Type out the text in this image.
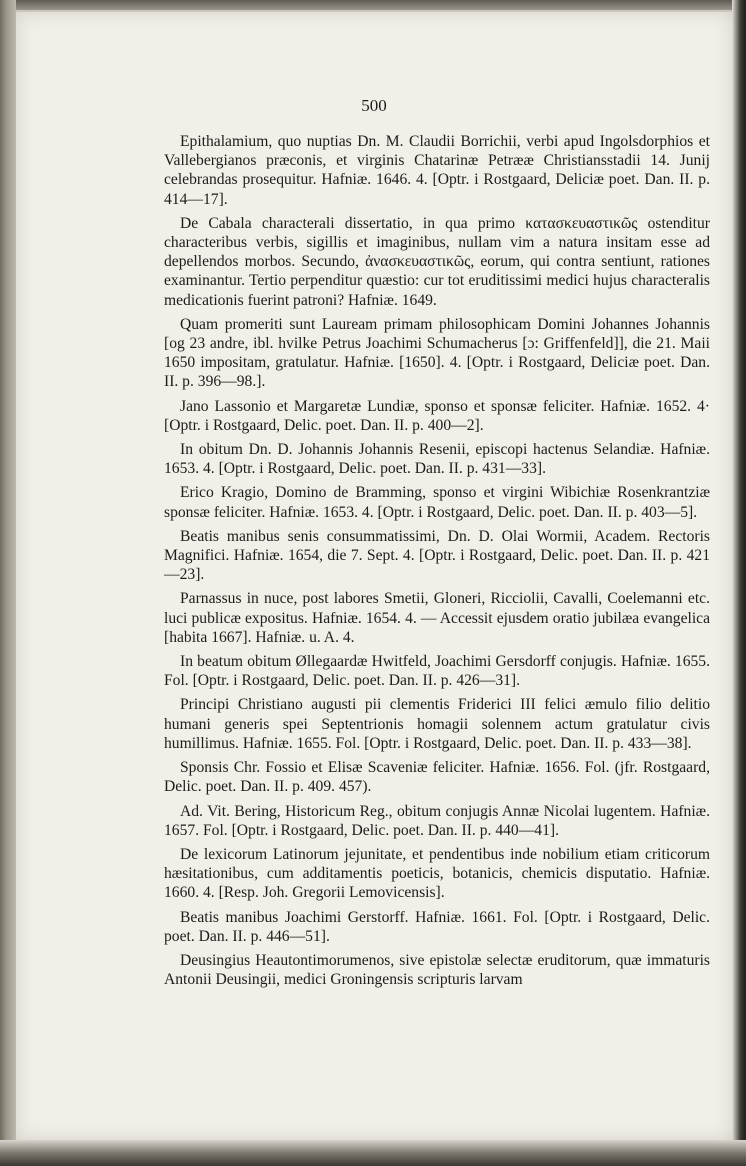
500

Epithalamium, quo nuptias Dn. M. Claudii Borrichii, verbi apud Ingolsdorphios et Vallebergianos præconis, et virginis Chatarinæ Petrææ Christiansstadii 14. Junij celebrandas prosequitur. Hafniæ. 1646. 4. [Optr. i Rostgaard, Deliciæ poet. Dan. II. p. 414—17].

De Cabala characterali dissertatio, in qua primo κατασκευαστικῶς ostenditur characteribus verbis, sigillis et imaginibus, nullam vim a natura insitam esse ad depellendos morbos. Secundo, ἀνασκευαστικῶς, eorum, qui contra sentiunt, rationes examinantur. Tertio perpenditur quæstio: cur tot eruditissimi medici hujus characteralis medicationis fuerint patroni? Hafniæ. 1649.

Quam promeriti sunt Lauream primam philosophicam Domini Johannes Johannis [og 23 andre, ibl. hvilke Petrus Joachimi Schumacherus [ɔ: Griffenfeld]], die 21. Maii 1650 impositam, gratulatur. Hafniæ. [1650]. 4. [Optr. i Rostgaard, Deliciæ poet. Dan. II. p. 396—98.].

Jano Lassonio et Margaretæ Lundiæ, sponso et sponsæ feliciter. Hafniæ. 1652. 4· [Optr. i Rostgaard, Delic. poet. Dan. II. p. 400—2].

In obitum Dn. D. Johannis Johannis Resenii, episcopi hactenus Selandiæ. Hafniæ. 1653. 4. [Optr. i Rostgaard, Delic. poet. Dan. II. p. 431—33].

Erico Kragio, Domino de Bramming, sponso et virgini Wibichiæ Rosenkrantziæ sponsæ feliciter. Hafniæ. 1653. 4. [Optr. i Rostgaard, Delic. poet. Dan. II. p. 403—5].

Beatis manibus senis consummatissimi, Dn. D. Olai Wormii, Academ. Rectoris Magnifici. Hafniæ. 1654, die 7. Sept. 4. [Optr. i Rostgaard, Delic. poet. Dan. II. p. 421—23].

Parnassus in nuce, post labores Smetii, Gloneri, Ricciolii, Cavalli, Coelemanni etc. luci publicæ expositus. Hafniæ. 1654. 4. — Accessit ejusdem oratio jubilæa evangelica [habita 1667]. Hafniæ. u. A. 4.

In beatum obitum Øllegaardæ Hwitfeld, Joachimi Gersdorff conjugis. Hafniæ. 1655. Fol. [Optr. i Rostgaard, Delic. poet. Dan. II. p. 426—31].

Principi Christiano augusti pii clementis Friderici III felici æmulo filio delitio humani generis spei Septentrionis homagii solennem actum gratulatur civis humillimus. Hafniæ. 1655. Fol. [Optr. i Rostgaard, Delic. poet. Dan. II. p. 433—38].

Sponsis Chr. Fossio et Elisæ Scaveniæ feliciter. Hafniæ. 1656. Fol. (jfr. Rostgaard, Delic. poet. Dan. II. p. 409. 457).

Ad. Vit. Bering, Historicum Reg., obitum conjugis Annæ Nicolai lugentem. Hafniæ. 1657. Fol. [Optr. i Rostgaard, Delic. poet. Dan. II. p. 440—41].

De lexicorum Latinorum jejunitate, et pendentibus inde nobilium etiam criticorum hæsitationibus, cum additamentis poeticis, botanicis, chemicis disputatio. Hafniæ. 1660. 4. [Resp. Joh. Gregorii Lemovicensis].

Beatis manibus Joachimi Gerstorff. Hafniæ. 1661. Fol. [Optr. i Rostgaard, Delic. poet. Dan. II. p. 446—51].

Deusingius Heautontimorumenos, sive epistolæ selectæ eruditorum, quæ immaturis Antonii Deusingii, medici Groningensis scripturis larvam
